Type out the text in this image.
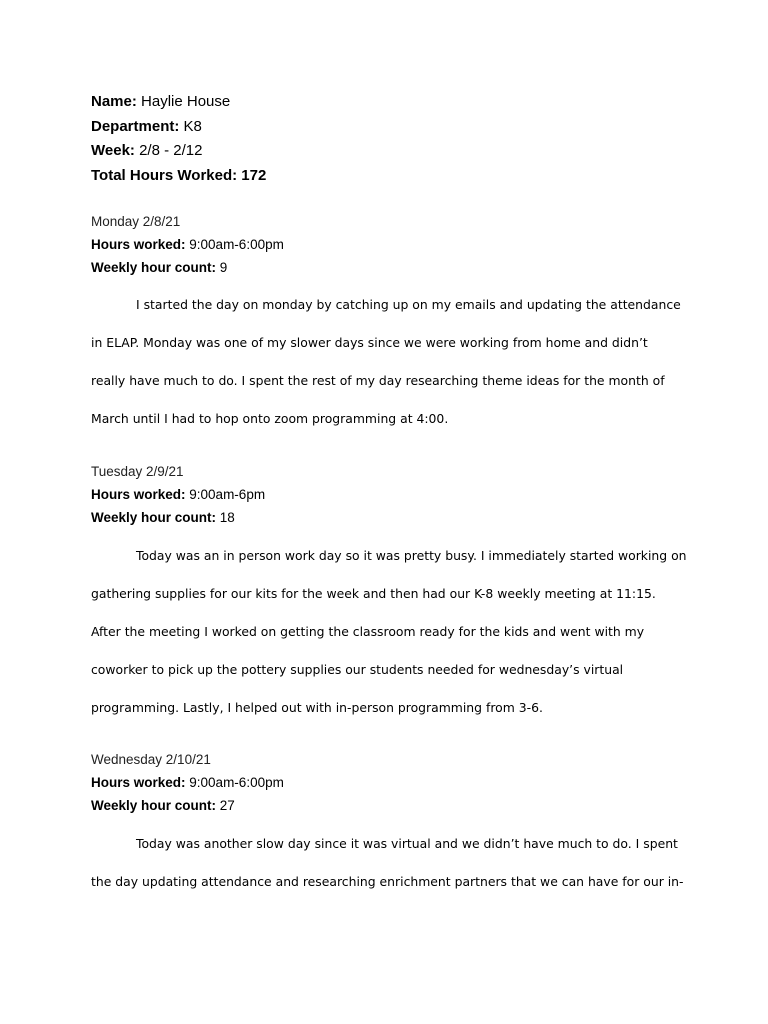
Name: Haylie House
Department: K8
Week: 2/8 - 2/12
Total Hours Worked: 172
Monday 2/8/21
Hours worked: 9:00am-6:00pm
Weekly hour count: 9
I started the day on monday by catching up on my emails and updating the attendance
in ELAP. Monday was one of my slower days since we were working from home and didn’t
really have much to do. I spent the rest of my day researching theme ideas for the month of
March until I had to hop onto zoom programming at 4:00.
Tuesday 2/9/21
Hours worked: 9:00am-6pm
Weekly hour count: 18
Today was an in person work day so it was pretty busy. I immediately started working on
gathering supplies for our kits for the week and then had our K-8 weekly meeting at 11:15.
After the meeting I worked on getting the classroom ready for the kids and went with my
coworker to pick up the pottery supplies our students needed for wednesday’s virtual
programming. Lastly, I helped out with in-person programming from 3-6.
Wednesday 2/10/21
Hours worked: 9:00am-6:00pm
Weekly hour count: 27
Today was another slow day since it was virtual and we didn’t have much to do. I spent
the day updating attendance and researching enrichment partners that we can have for our in-
